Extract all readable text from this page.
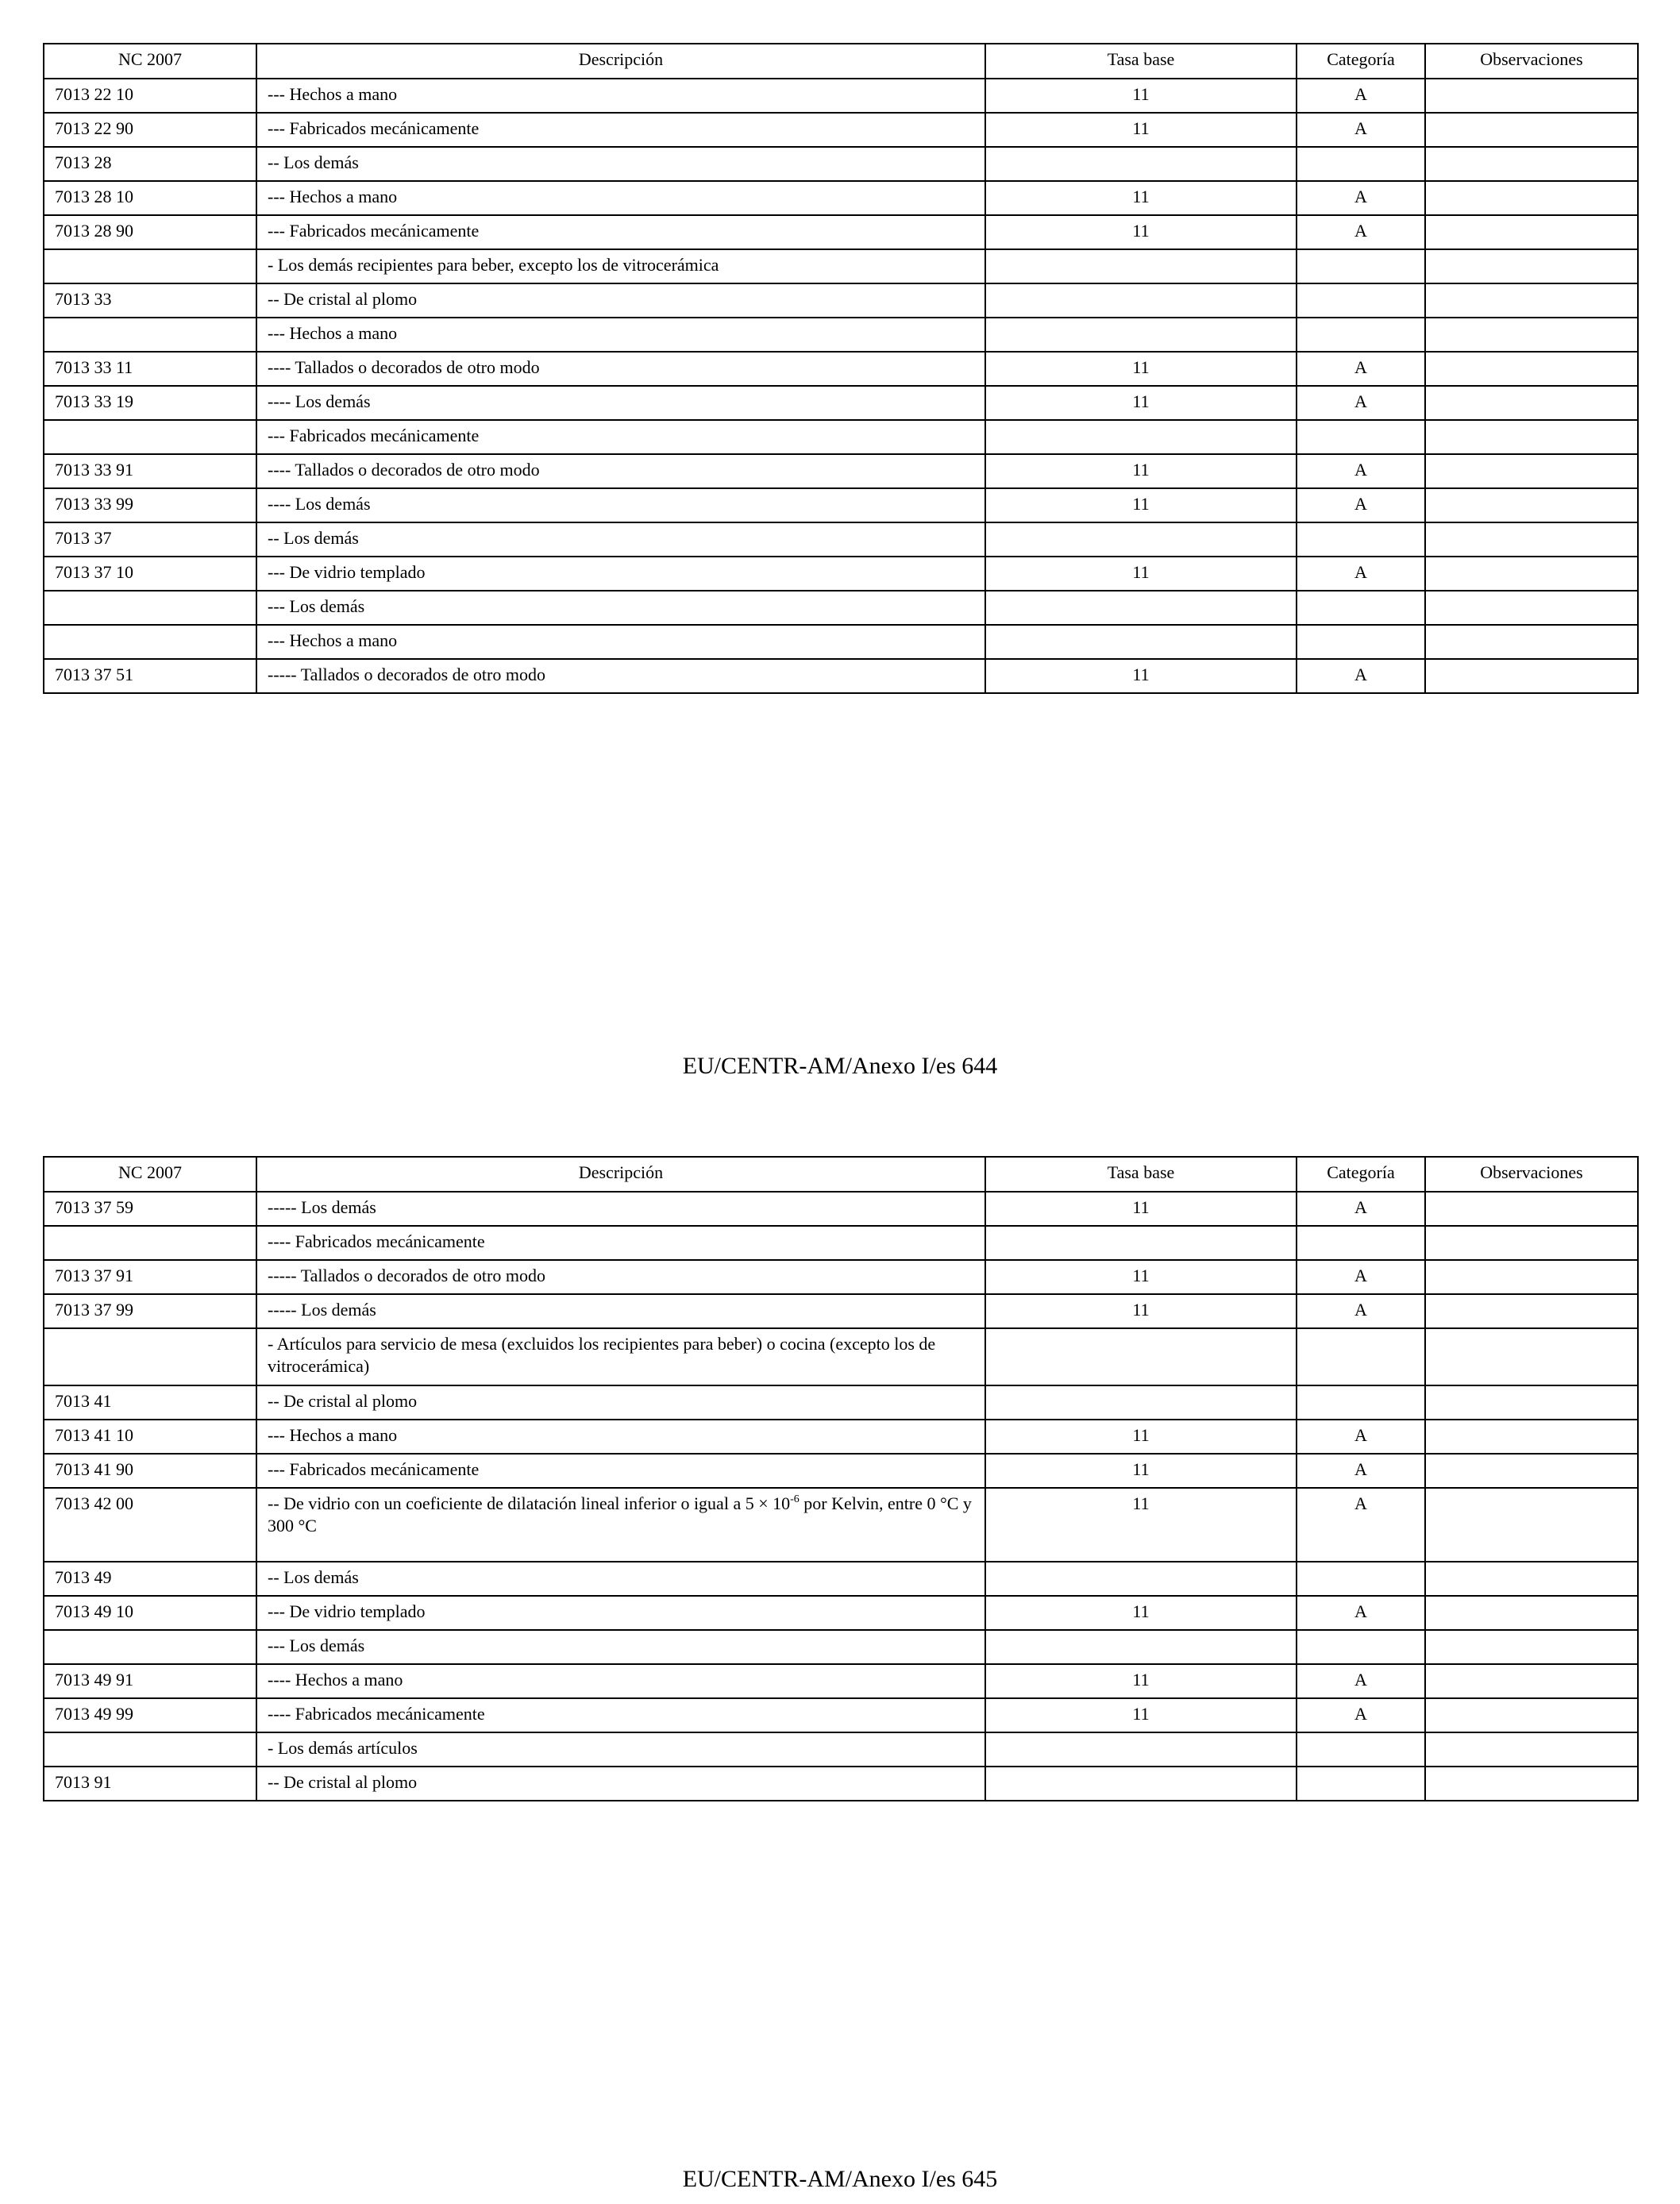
NC 2007	Descripción	Tasa base	Categoría	Observaciones
7013 22 10	--- Hechos a mano	11	A	
7013 22 90	--- Fabricados mecánicamente	11	A	
7013 28	-- Los demás			
7013 28 10	--- Hechos a mano	11	A	
7013 28 90	--- Fabricados mecánicamente	11	A	
	- Los demás recipientes para beber, excepto los de vitrocerámica			
7013 33	-- De cristal al plomo			
	--- Hechos a mano			
7013 33 11	---- Tallados o decorados de otro modo	11	A	
7013 33 19	---- Los demás	11	A	
	--- Fabricados mecánicamente			
7013 33 91	---- Tallados o decorados de otro modo	11	A	
7013 33 99	---- Los demás	11	A	
7013 37	-- Los demás			
7013 37 10	--- De vidrio templado	11	A	
	--- Los demás			
	--- Hechos a mano			
7013 37 51	----- Tallados o decorados de otro modo	11	A	
EU/CENTR-AM/Anexo I/es 644
NC 2007	Descripción	Tasa base	Categoría	Observaciones
7013 37 59	----- Los demás	11	A	
	---- Fabricados mecánicamente			
7013 37 91	----- Tallados o decorados de otro modo	11	A	
7013 37 99	----- Los demás	11	A	
	- Artículos para servicio de mesa (excluidos los recipientes para beber) o cocina (excepto los de vitrocerámica)			
7013 41	-- De cristal al plomo			
7013 41 10	--- Hechos a mano	11	A	
7013 41 90	--- Fabricados mecánicamente	11	A	
7013 42 00	-- De vidrio con un coeficiente de dilatación lineal inferior o igual a $5 \times 10^{-6}$ por Kelvin, entre 0 °C y 300 °C	11	A	
7013 49	-- Los demás			
7013 49 10	--- De vidrio templado	11	A	
	--- Los demás			
7013 49 91	---- Hechos a mano	11	A	
7013 49 99	---- Fabricados mecánicamente	11	A	
	- Los demás artículos			
7013 91	-- De cristal al plomo			
EU/CENTR-AM/Anexo I/es 645
